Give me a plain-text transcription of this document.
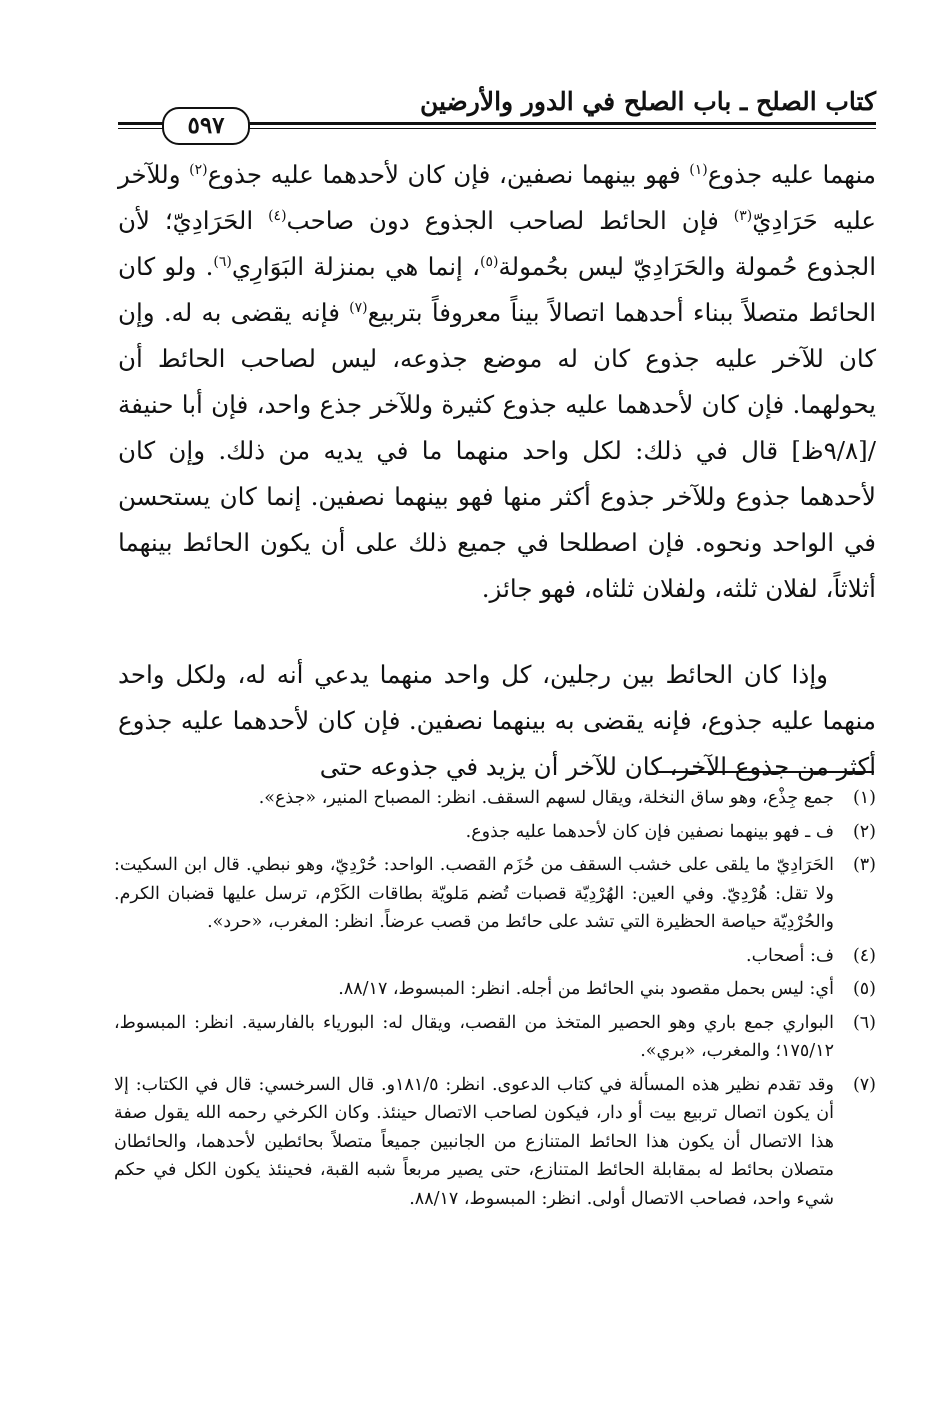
كتاب الصلح ـ باب الصلح في الدور والأرضين
٥٩٧

منهما عليه جذوع$^{(١)}$ فهو بينهما نصفين، فإن كان لأحدهما عليه جذوع$^{(٢)}$ وللآخر عليه حَرَادِيّ$^{(٣)}$ فإن الحائط لصاحب الجذوع دون صاحب$^{(٤)}$ الحَرَادِيّ؛ لأن الجذوع حُمولة والحَرَادِيّ ليس بحُمولة$^{(٥)}$، إنما هي بمنزلة البَوَارِي$^{(٦)}$. ولو كان الحائط متصلاً ببناء أحدهما اتصالاً بيناً معروفاً بتربيع$^{(٧)}$ فإنه يقضى به له. وإن كان للآخر عليه جذوع كان له موضع جذوعه، ليس لصاحب الحائط أن يحولهما. فإن كان لأحدهما عليه جذوع كثيرة وللآخر جذع واحد، فإن أبا حنيفة /[٩/٨ظ] قال في ذلك: لكل واحد منهما ما في يديه من ذلك. وإن كان لأحدهما جذوع وللآخر جذوع أكثر منها فهو بينهما نصفين. إنما كان يستحسن في الواحد ونحوه. فإن اصطلحا في جميع ذلك على أن يكون الحائط بينهما أثلاثاً، لفلان ثلثه، ولفلان ثلثاه، فهو جائز.

وإذا كان الحائط بين رجلين، كل واحد منهما يدعي أنه له، ولكل واحد منهما عليه جذوع، فإنه يقضى به بينهما نصفين. فإن كان لأحدهما عليه جذوع أكثر من جذوع الآخر، كان للآخر أن يزيد في جذوعه حتى

(١)
جمع جِذْع، وهو ساق النخلة، ويقال لسهم السقف. انظر: المصباح المنير، «جذع».
(٢)
ف ـ فهو بينهما نصفين فإن كان لأحدهما عليه جذوع.
(٣)
الحَرَادِيّ ما يلقى على خشب السقف من حُزَم القصب. الواحد: حُرْدِيّ، وهو نبطي. قال ابن السكيت: ولا تقل: هُرْدِيّ. وفي العين: الهُرْدِيّة قصبات تُضم مَلويّة بطاقات الكَرْم، ترسل عليها قضبان الكرم. والحُرْدِيّة حياصة الحظيرة التي تشد على حائط من قصب عرضاً. انظر: المغرب، «حرد».
(٤)
ف: أصحاب.
(٥)
أي: ليس بحمل مقصود بني الحائط من أجله. انظر: المبسوط، ٨٨/١٧.
(٦)
البواري جمع باري وهو الحصير المتخذ من القصب، ويقال له: البورياء بالفارسية. انظر: المبسوط، ١٧٥/١٢؛ والمغرب، «بري».
(٧)
وقد تقدم نظير هذه المسألة في كتاب الدعوى. انظر: ١٨١/٥و. قال السرخسي: قال في الكتاب: إلا أن يكون اتصال تربيع بيت أو دار، فيكون لصاحب الاتصال حينئذ. وكان الكرخي رحمه الله يقول صفة هذا الاتصال أن يكون هذا الحائط المتنازع من الجانبين جميعاً متصلاً بحائطين لأحدهما، والحائطان متصلان بحائط له بمقابلة الحائط المتنازع، حتى يصير مربعاً شبه القبة، فحينئذ يكون الكل في حكم شيء واحد، فصاحب الاتصال أولى. انظر: المبسوط، ٨٨/١٧.
